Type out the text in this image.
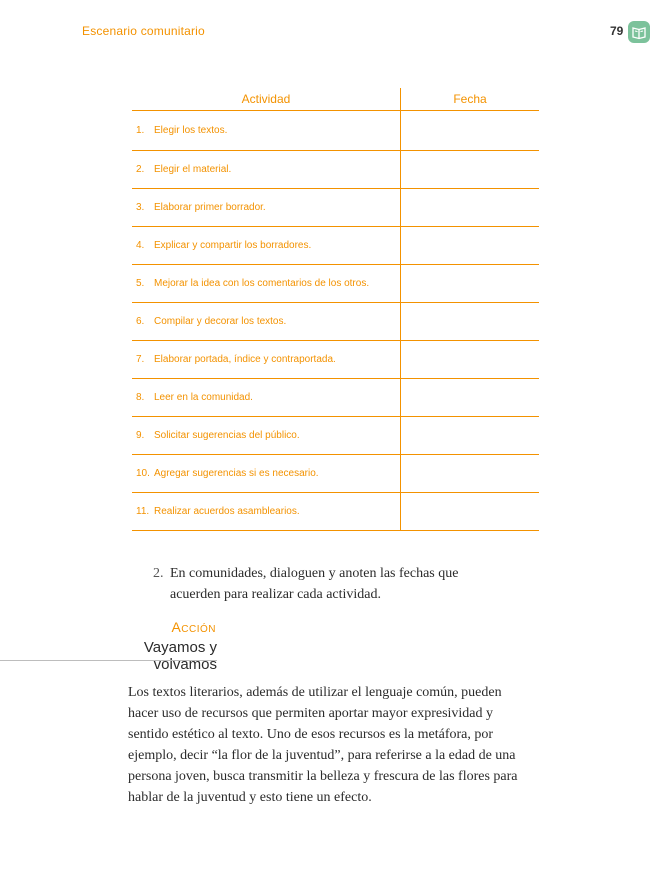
Escenario comunitario	79
Actividad	Fecha
1. Elegir los textos.	
2. Elegir el material.	
3. Elaborar primer borrador.	
4. Explicar y compartir los borradores.	
5. Mejorar la idea con los comentarios de los otros.	
6. Compilar y decorar los textos.	
7. Elaborar portada, índice y contraportada.	
8. Leer en la comunidad.	
9. Solicitar sugerencias del público.	
10. Agregar sugerencias si es necesario.	
11. Realizar acuerdos asamblearios.	
2. En comunidades, dialoguen y anoten las fechas que
acuerden para realizar cada actividad.
Acción
Vayamos y volvamos
Los textos literarios, además de utilizar el lenguaje común, pueden
hacer uso de recursos que permiten aportar mayor expresividad y
sentido estético al texto. Uno de esos recursos es la metáfora, por
ejemplo, decir “la flor de la juventud”, para referirse a la edad de una
persona joven, busca transmitir la belleza y frescura de las flores para
hablar de la juventud y esto tiene un efecto.
